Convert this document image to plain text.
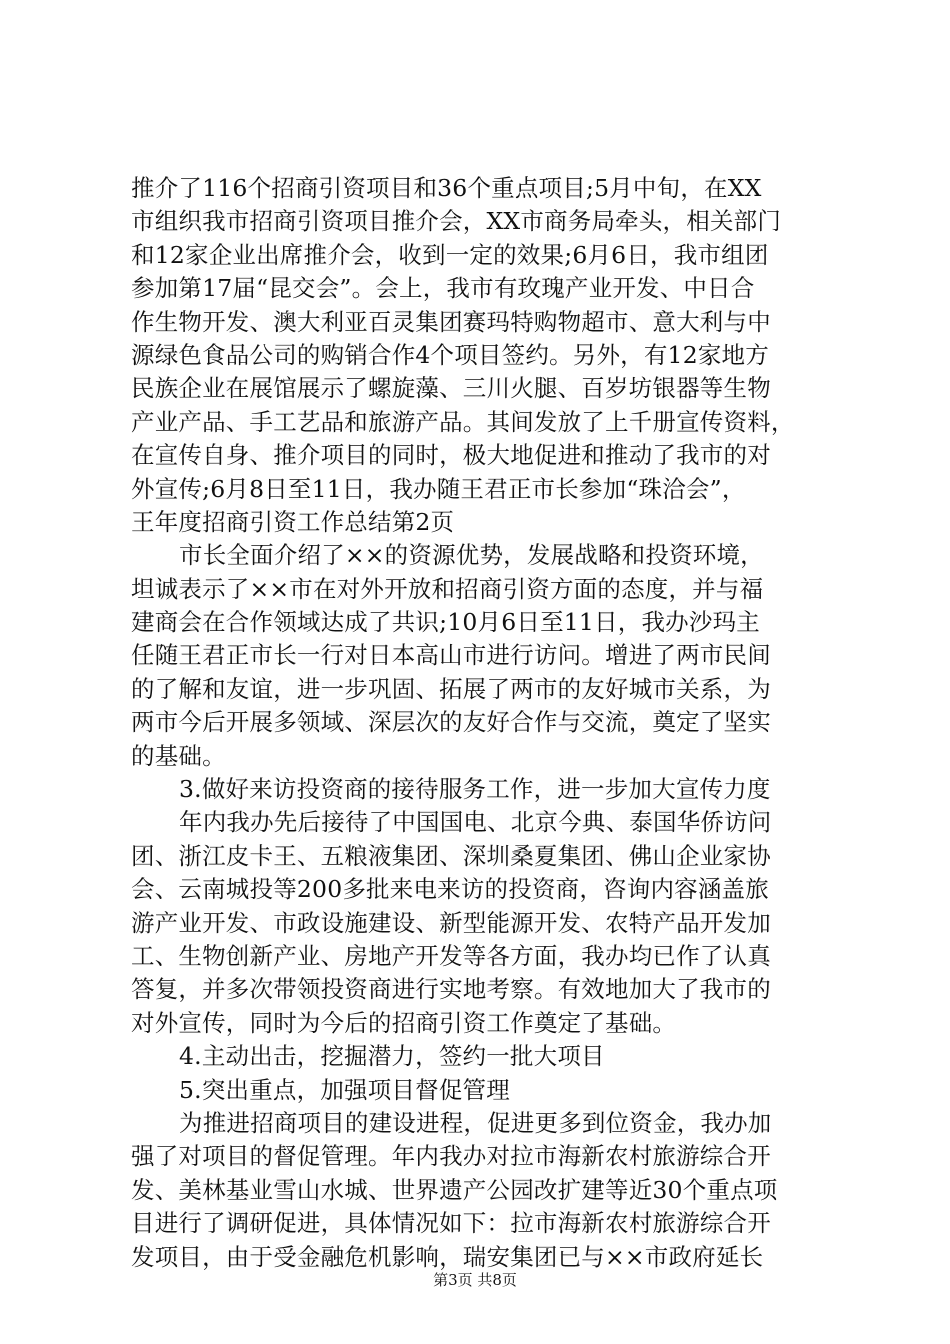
推介了116个招商引资项目和36个重点项目;5月中旬，在XX
市组织我市招商引资项目推介会，XX市商务局牵头，相关部门
和12家企业出席推介会，收到一定的效果;6月6日，我市组团
参加第17届“昆交会”。会上，我市有玫瑰产业开发、中日合
作生物开发、澳大利亚百灵集团赛玛特购物超市、意大利与中
源绿色食品公司的购销合作4个项目签约。另外，有12家地方
民族企业在展馆展示了螺旋藻、三川火腿、百岁坊银器等生物
产业产品、手工艺品和旅游产品。其间发放了上千册宣传资料，
在宣传自身、推介项目的同时，极大地促进和推动了我市的对
外宣传;6月8日至11日，我办随王君正市长参加“珠洽会”，
王年度招商引资工作总结第2页
市长全面介绍了××的资源优势，发展战略和投资环境，
坦诚表示了××市在对外开放和招商引资方面的态度，并与福
建商会在合作领域达成了共识;10月6日至11日，我办沙玛主
任随王君正市长一行对日本高山市进行访问。增进了两市民间
的了解和友谊，进一步巩固、拓展了两市的友好城市关系，为
两市今后开展多领域、深层次的友好合作与交流，奠定了坚实
的基础。
3.做好来访投资商的接待服务工作，进一步加大宣传力度
年内我办先后接待了中国国电、北京今典、泰国华侨访问
团、浙江皮卡王、五粮液集团、深圳桑夏集团、佛山企业家协
会、云南城投等200多批来电来访的投资商，咨询内容涵盖旅
游产业开发、市政设施建设、新型能源开发、农特产品开发加
工、生物创新产业、房地产开发等各方面，我办均已作了认真
答复，并多次带领投资商进行实地考察。有效地加大了我市的
对外宣传，同时为今后的招商引资工作奠定了基础。
4.主动出击，挖掘潜力，签约一批大项目
5.突出重点，加强项目督促管理
为推进招商项目的建设进程，促进更多到位资金，我办加
强了对项目的督促管理。年内我办对拉市海新农村旅游综合开
发、美林基业雪山水城、世界遗产公园改扩建等近30个重点项
目进行了调研促进，具体情况如下：拉市海新农村旅游综合开
发项目，由于受金融危机影响，瑞安集团已与××市政府延长
第3页 共8页
